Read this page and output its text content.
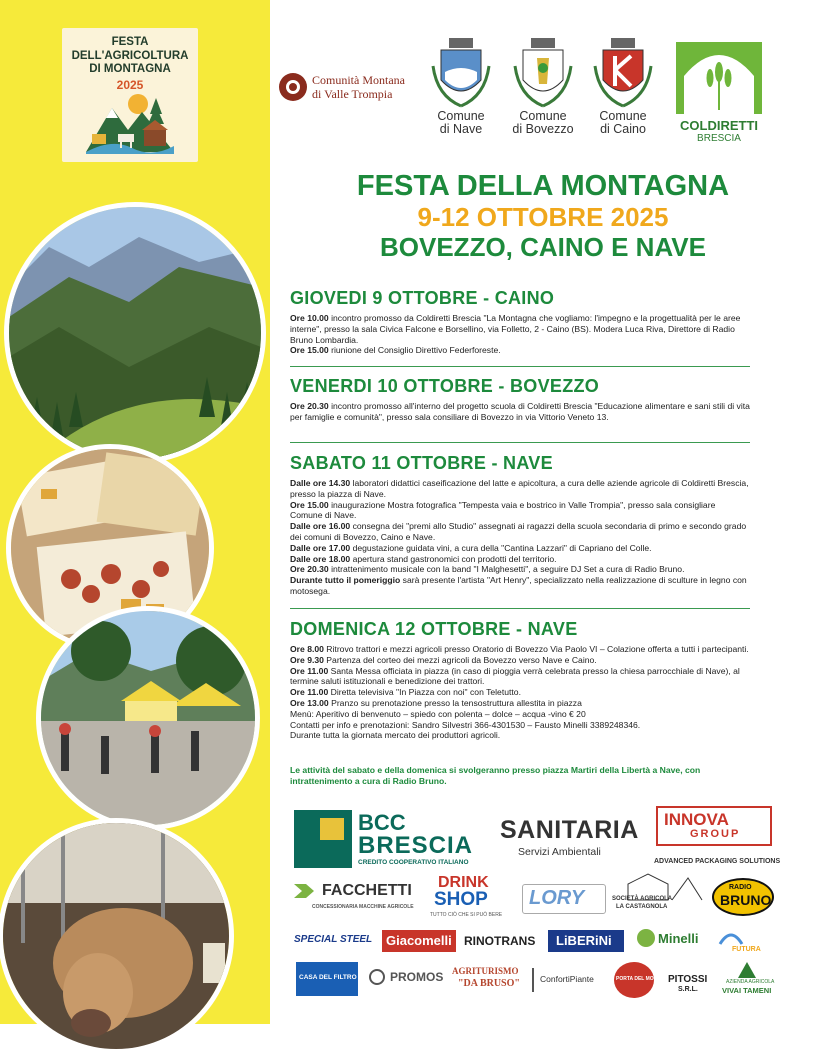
FESTA
DELL'AGRICOLTURA
DI MONTAGNA
2025	Comunità Montana
di Valle Trompia
Comune
di Nave
Comune
di Bovezzo
Comune
di Caino	COLDIRETTI
BRESCIA
FESTA DELLA MONTAGNA
9-12 OTTOBRE 2025
BOVEZZO, CAINO E NAVE
GIOVEDI 9 OTTOBRE - CAINO
Ore 10.00 incontro promosso da Coldiretti Brescia "La Montagna che vogliamo: l'impegno e la progettualità per le aree interne", presso la sala Civica Falcone e Borsellino, via Folletto, 2 - Caino (BS). Modera Luca Riva, Direttore di Radio Bruno Lombardia.
Ore 15.00 riunione del Consiglio Direttivo Federforeste.
VENERDI 10 OTTOBRE - BOVEZZO
Ore 20.30 incontro promosso all'interno del progetto scuola di Coldiretti Brescia "Educazione alimentare e sani stili di vita per famiglie e comunità", presso sala consiliare di Bovezzo in via Vittorio Veneto 13.
SABATO 11 OTTOBRE - NAVE
Dalle ore 14.30 laboratori didattici caseificazione del latte e apicoltura, a cura delle aziende agricole di Coldiretti Brescia, presso la piazza di Nave.
Ore 15.00 inaugurazione Mostra fotografica "Tempesta vaia e bostrico in Valle Trompia", presso sala consigliare Comune di Nave.
Dalle ore 16.00 consegna dei "premi allo Studio" assegnati ai ragazzi della scuola secondaria di primo e secondo grado dei comuni di Bovezzo, Caino e Nave.
Dalle ore 17.00 degustazione guidata vini, a cura della "Cantina Lazzari" di Capriano del Colle.
Dalle ore 18.00 apertura stand gastronomici con prodotti del territorio.
Ore 20.30 intrattenimento musicale con la band "I Malghesetti", a seguire DJ Set a cura di Radio Bruno.
Durante tutto il pomeriggio sarà presente l'artista "Art Henry", specializzato nella realizzazione di sculture in legno con motosega.
DOMENICA 12 OTTOBRE - NAVE
Ore 8.00 Ritrovo trattori e mezzi agricoli presso Oratorio di Bovezzo Via Paolo VI – Colazione offerta a tutti i partecipanti.
Ore 9.30 Partenza del corteo dei mezzi agricoli da Bovezzo verso Nave e Caino.
Ore 11.00 Santa Messa officiata in piazza (in caso di pioggia verrà celebrata presso la chiesa parrocchiale di Nave), al termine saluti istituzionali e benedizione dei trattori.
Ore 11.00 Diretta televisiva "In Piazza con noi" con Teletutto.
Ore 13.00 Pranzo su prenotazione presso la tensostruttura allestita in piazza
Menù: Aperitivo di benvenuto – spiedo con polenta – dolce – acqua -vino € 20
Contatti per info e prenotazioni: Sandro Silvestri 366-4301530 – Fausto Minelli 3389248346.
Durante tutta la giornata mercato dei produttori agricoli.
Le attività del sabato e della domenica si svolgeranno presso piazza Martiri della Libertà a Nave, con intrattenimento a cura di Radio Bruno.
BCC
BRESCIA
CREDITO COOPERATIVO ITALIANO
SANITARIA
Servizi Ambientali
INNOVA
GROUP
ADVANCED PACKAGING SOLUTIONS
FACCHETTI
CONCESSIONARIA MACCHINE AGRICOLE
DRINK
SHOP
TUTTO CIÒ CHE SI PUÒ BERE
LORY	SOCIETÀ AGRICOLA
LA CASTAGNOLA
RADIO
BRUNO
SPECIAL STEEL Giacomelli RINOTRANS LiBERiNi	Minelli
FUTURA
CASA DEL FILTRO	PROMOS AGRITURISMO
"DA BRUSO" ConfortiPiante	PORTA DEL MONTE PITOSSI
S.R.L.
AZIENDA AGRICOLA
VIVAI TAMENI
